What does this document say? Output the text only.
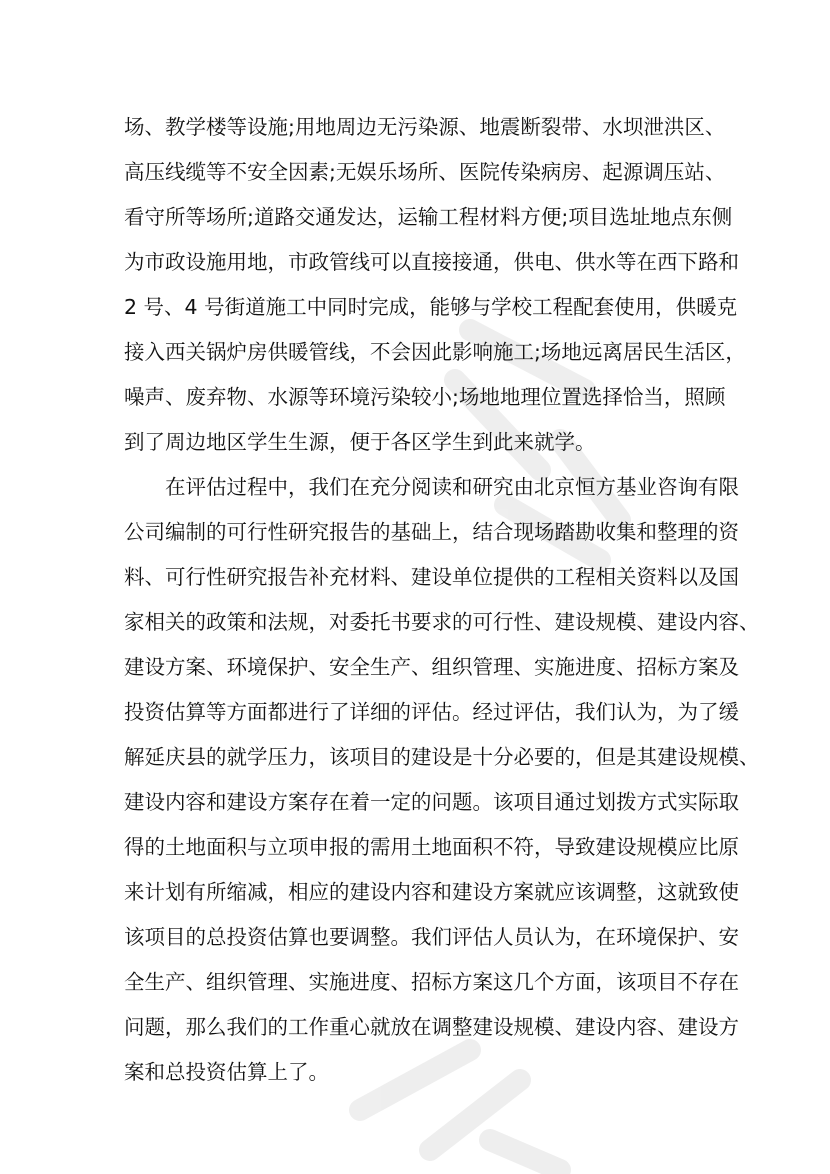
场、教学楼等设施;用地周边无污染源、地震断裂带、水坝泄洪区、

高压线缆等不安全因素;无娱乐场所、医院传染病房、起源调压站、

看守所等场所;道路交通发达，运输工程材料方便;项目选址地点东侧

为市政设施用地，市政管线可以直接接通，供电、供水等在西下路和

2 号、4 号街道施工中同时完成，能够与学校工程配套使用，供暖克

接入西关锅炉房供暖管线，不会因此影响施工;场地远离居民生活区，

噪声、废弃物、水源等环境污染较小;场地地理位置选择恰当，照顾

到了周边地区学生生源，便于各区学生到此来就学。

在评估过程中，我们在充分阅读和研究由北京恒方基业咨询有限

公司编制的可行性研究报告的基础上，结合现场踏勘收集和整理的资

料、可行性研究报告补充材料、建设单位提供的工程相关资料以及国

家相关的政策和法规，对委托书要求的可行性、建设规模、建设内容、

建设方案、环境保护、安全生产、组织管理、实施进度、招标方案及

投资估算等方面都进行了详细的评估。经过评估，我们认为，为了缓

解延庆县的就学压力，该项目的建设是十分必要的，但是其建设规模、

建设内容和建设方案存在着一定的问题。该项目通过划拨方式实际取

得的土地面积与立项申报的需用土地面积不符，导致建设规模应比原

来计划有所缩减，相应的建设内容和建设方案就应该调整，这就致使

该项目的总投资估算也要调整。我们评估人员认为，在环境保护、安

全生产、组织管理、实施进度、招标方案这几个方面，该项目不存在

问题，那么我们的工作重心就放在调整建设规模、建设内容、建设方

案和总投资估算上了。
